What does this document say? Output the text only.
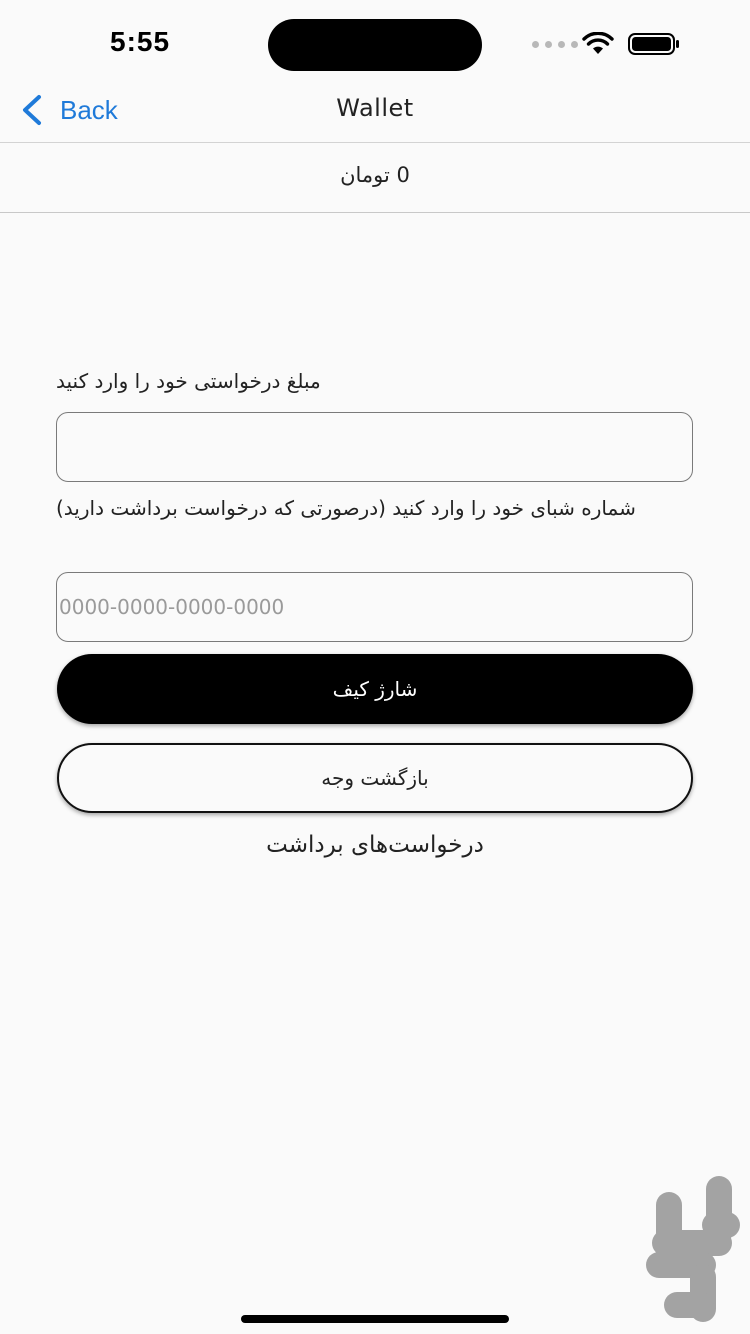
5:55
Back	Wallet
0 تومان
مبلغ درخواستی خود را وارد کنید
شماره شبای خود را وارد کنید (درصورتی که درخواست برداشت دارید)
0000-0000-0000-0000
شارژ کیف
بازگشت وجه
درخواست‌های برداشت
